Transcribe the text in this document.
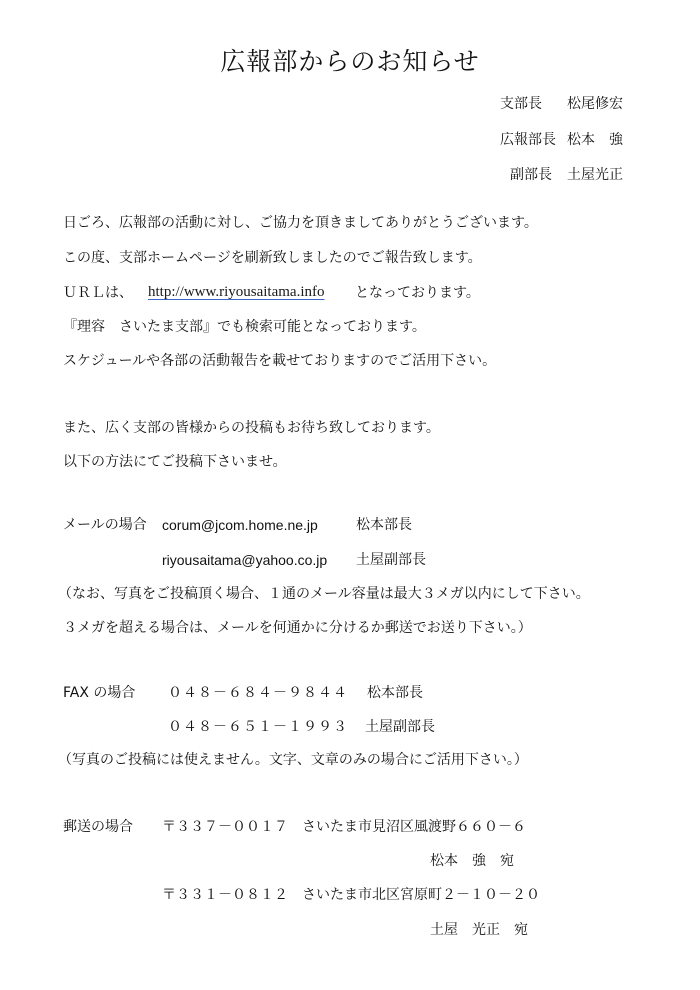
広報部からのお知らせ
支部長 松尾修宏
広報部長 松本　強
副部長 土屋光正
日ごろ、広報部の活動に対し、ご協力を頂きましてありがとうございます。
この度、支部ホームページを刷新致しましたのでご報告致します。
ＵＲＬは、 http://www.riyousaitama.info となっております。
『理容　さいたま支部』でも検索可能となっております。
スケジュールや各部の活動報告を載せておりますのでご活用下さい。
また、広く支部の皆様からの投稿もお待ち致しております。
以下の方法にてご投稿下さいませ。
メールの場合 corum@jcom.home.ne.jp	松本部長
riyousaitama@yahoo.co.jp 土屋副部長
（なお、写真をご投稿頂く場合、１通のメール容量は最大３メガ以内にして下さい。
３メガを超える場合は、メールを何通かに分けるか郵送でお送り下さい。）
FAX の場合 ０４８－６８４－９８４４ 松本部長
０４８－６５１－１９９３ 土屋副部長
（写真のご投稿には使えません。文字、文章のみの場合にご活用下さい。）
郵送の場合 〒３３７－００１７　さいたま市見沼区風渡野６６０－６
松本　強　宛
〒３３１－０８１２　さいたま市北区宮原町２－１０－２０
土屋　光正　宛
